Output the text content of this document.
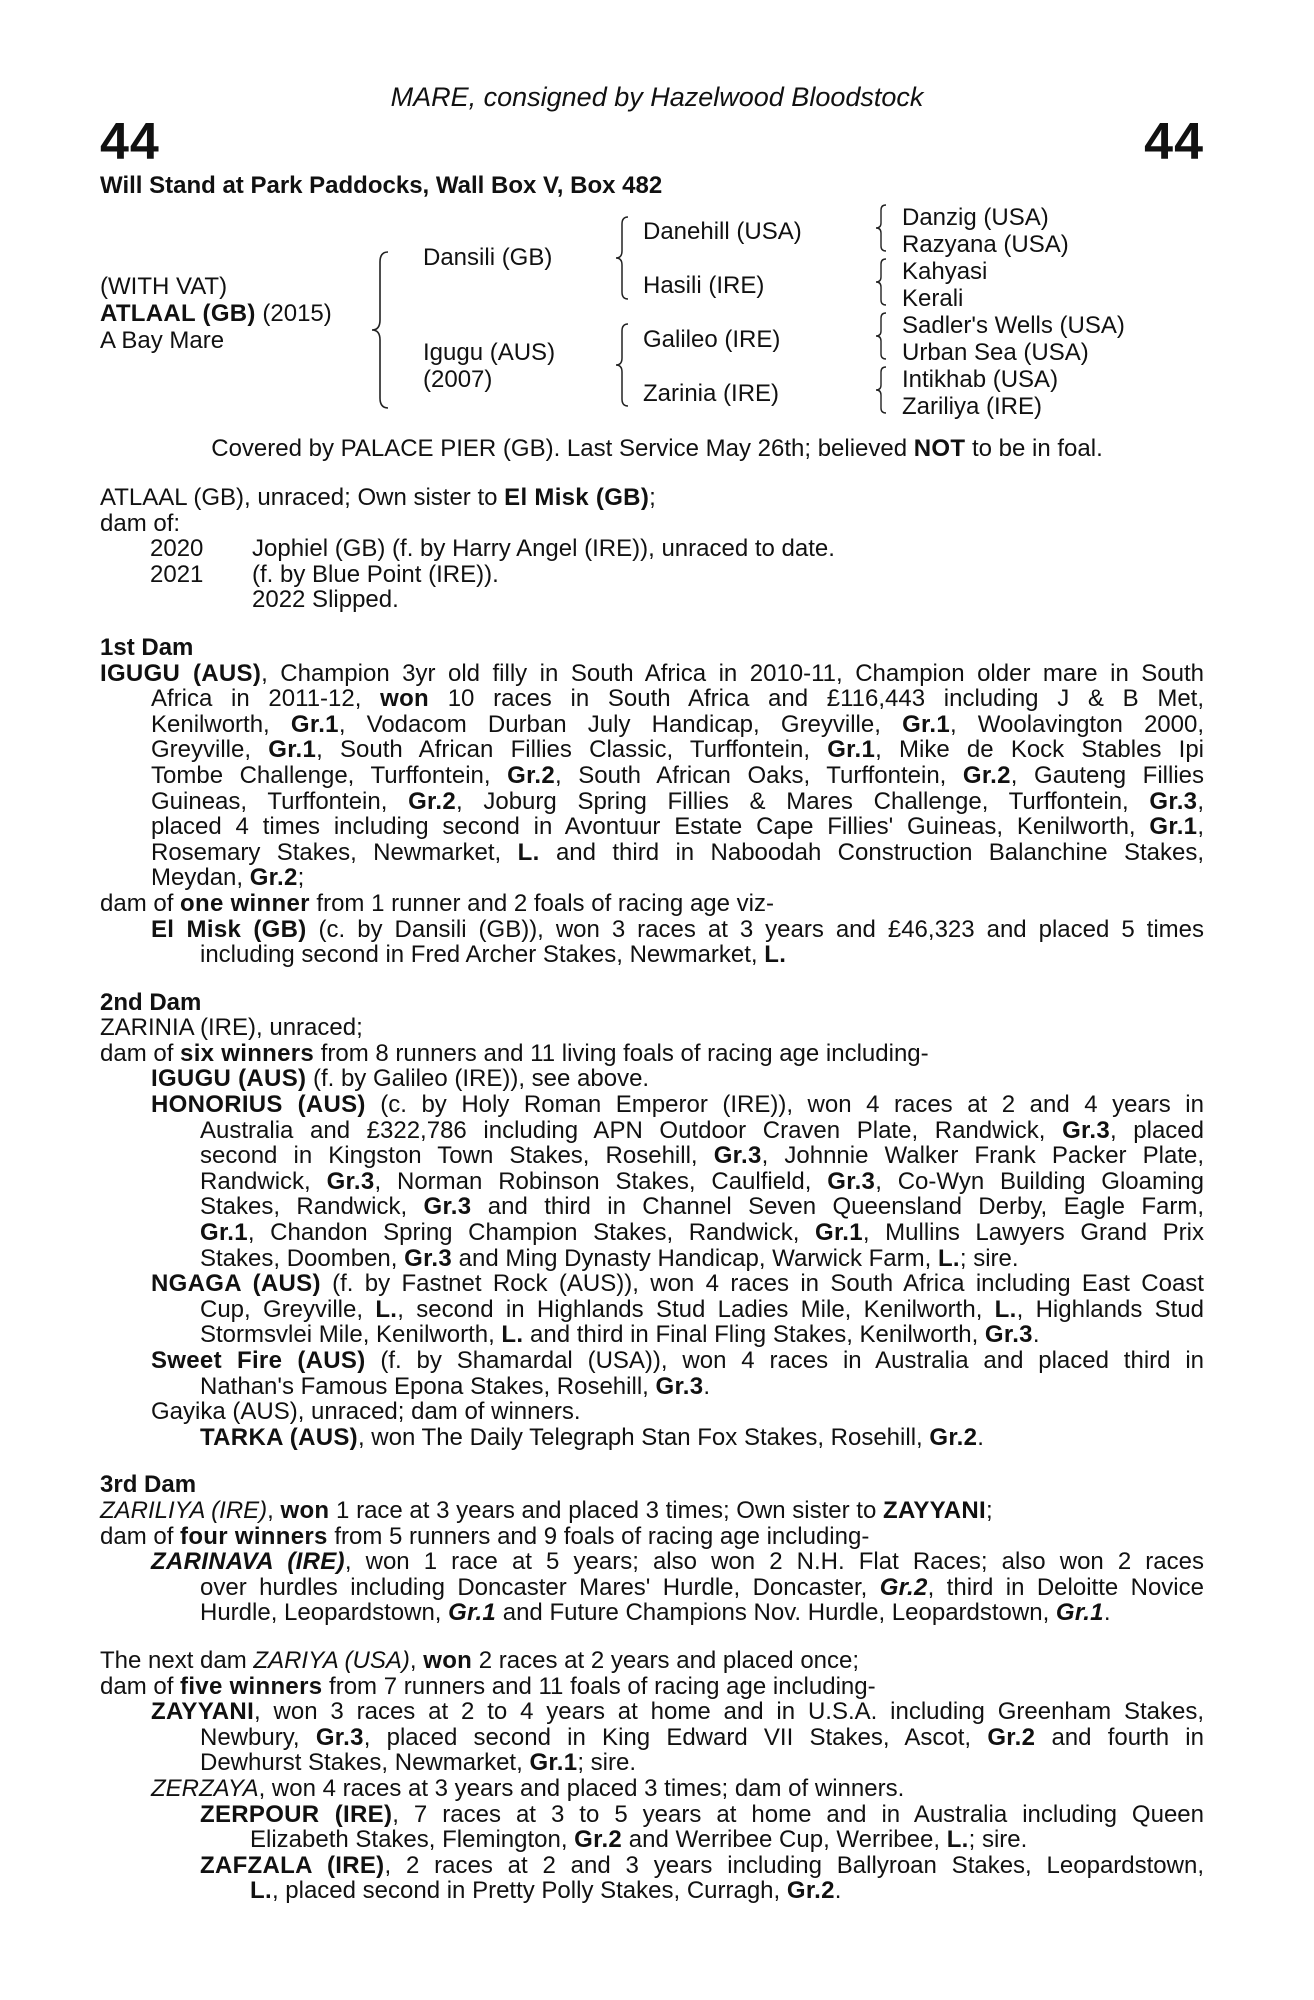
MARE, consigned by Hazelwood Bloodstock
44	44
Will Stand at Park Paddocks, Wall Box V, Box 482
(WITH VAT)
ATLAAL (GB) (2015)
A Bay Mare
Dansili (GB)
Igugu (AUS)
(2007)
Danehill (USA)
Hasili (IRE)
Galileo (IRE)
Zarinia (IRE)
Danzig (USA)
Razyana (USA)
Kahyasi
Kerali
Sadler's Wells (USA)
Urban Sea (USA)
Intikhab (USA)
Zariliya (IRE)
Covered by PALACE PIER (GB). Last Service May 26th; believed NOT to be in foal.
ATLAAL (GB), unraced; Own sister to El Misk (GB);
dam of:
2020 Jophiel (GB) (f. by Harry Angel (IRE)), unraced to date.
2021 (f. by Blue Point (IRE)).
2022 Slipped.
1st Dam
IGUGU (AUS), Champion 3yr old filly in South Africa in 2010-11, Champion older mare in South
Africa in 2011-12, won 10 races in South Africa and £116,443 including J & B Met,
Kenilworth, Gr.1, Vodacom Durban July Handicap, Greyville, Gr.1, Woolavington 2000,
Greyville, Gr.1, South African Fillies Classic, Turffontein, Gr.1, Mike de Kock Stables Ipi
Tombe Challenge, Turffontein, Gr.2, South African Oaks, Turffontein, Gr.2, Gauteng Fillies
Guineas, Turffontein, Gr.2, Joburg Spring Fillies & Mares Challenge, Turffontein, Gr.3,
placed 4 times including second in Avontuur Estate Cape Fillies' Guineas, Kenilworth, Gr.1,
Rosemary Stakes, Newmarket, L. and third in Naboodah Construction Balanchine Stakes,
Meydan, Gr.2;
dam of one winner from 1 runner and 2 foals of racing age viz-
El Misk (GB) (c. by Dansili (GB)), won 3 races at 3 years and £46,323 and placed 5 times
including second in Fred Archer Stakes, Newmarket, L.
2nd Dam
ZARINIA (IRE), unraced;
dam of six winners from 8 runners and 11 living foals of racing age including-
IGUGU (AUS) (f. by Galileo (IRE)), see above.
HONORIUS (AUS) (c. by Holy Roman Emperor (IRE)), won 4 races at 2 and 4 years in
Australia and £322,786 including APN Outdoor Craven Plate, Randwick, Gr.3, placed
second in Kingston Town Stakes, Rosehill, Gr.3, Johnnie Walker Frank Packer Plate,
Randwick, Gr.3, Norman Robinson Stakes, Caulfield, Gr.3, Co-Wyn Building Gloaming
Stakes, Randwick, Gr.3 and third in Channel Seven Queensland Derby, Eagle Farm,
Gr.1, Chandon Spring Champion Stakes, Randwick, Gr.1, Mullins Lawyers Grand Prix
Stakes, Doomben, Gr.3 and Ming Dynasty Handicap, Warwick Farm, L.; sire.
NGAGA (AUS) (f. by Fastnet Rock (AUS)), won 4 races in South Africa including East Coast
Cup, Greyville, L., second in Highlands Stud Ladies Mile, Kenilworth, L., Highlands Stud
Stormsvlei Mile, Kenilworth, L. and third in Final Fling Stakes, Kenilworth, Gr.3.
Sweet Fire (AUS) (f. by Shamardal (USA)), won 4 races in Australia and placed third in
Nathan's Famous Epona Stakes, Rosehill, Gr.3.
Gayika (AUS), unraced; dam of winners.
TARKA (AUS), won The Daily Telegraph Stan Fox Stakes, Rosehill, Gr.2.
3rd Dam
ZARILIYA (IRE), won 1 race at 3 years and placed 3 times; Own sister to ZAYYANI;
dam of four winners from 5 runners and 9 foals of racing age including-
ZARINAVA (IRE), won 1 race at 5 years; also won 2 N.H. Flat Races; also won 2 races
over hurdles including Doncaster Mares' Hurdle, Doncaster, Gr.2, third in Deloitte Novice
Hurdle, Leopardstown, Gr.1 and Future Champions Nov. Hurdle, Leopardstown, Gr.1.
The next dam ZARIYA (USA), won 2 races at 2 years and placed once;
dam of five winners from 7 runners and 11 foals of racing age including-
ZAYYANI, won 3 races at 2 to 4 years at home and in U.S.A. including Greenham Stakes,
Newbury, Gr.3, placed second in King Edward VII Stakes, Ascot, Gr.2 and fourth in
Dewhurst Stakes, Newmarket, Gr.1; sire.
ZERZAYA, won 4 races at 3 years and placed 3 times; dam of winners.
ZERPOUR (IRE), 7 races at 3 to 5 years at home and in Australia including Queen
Elizabeth Stakes, Flemington, Gr.2 and Werribee Cup, Werribee, L.; sire.
ZAFZALA (IRE), 2 races at 2 and 3 years including Ballyroan Stakes, Leopardstown,
L., placed second in Pretty Polly Stakes, Curragh, Gr.2.
